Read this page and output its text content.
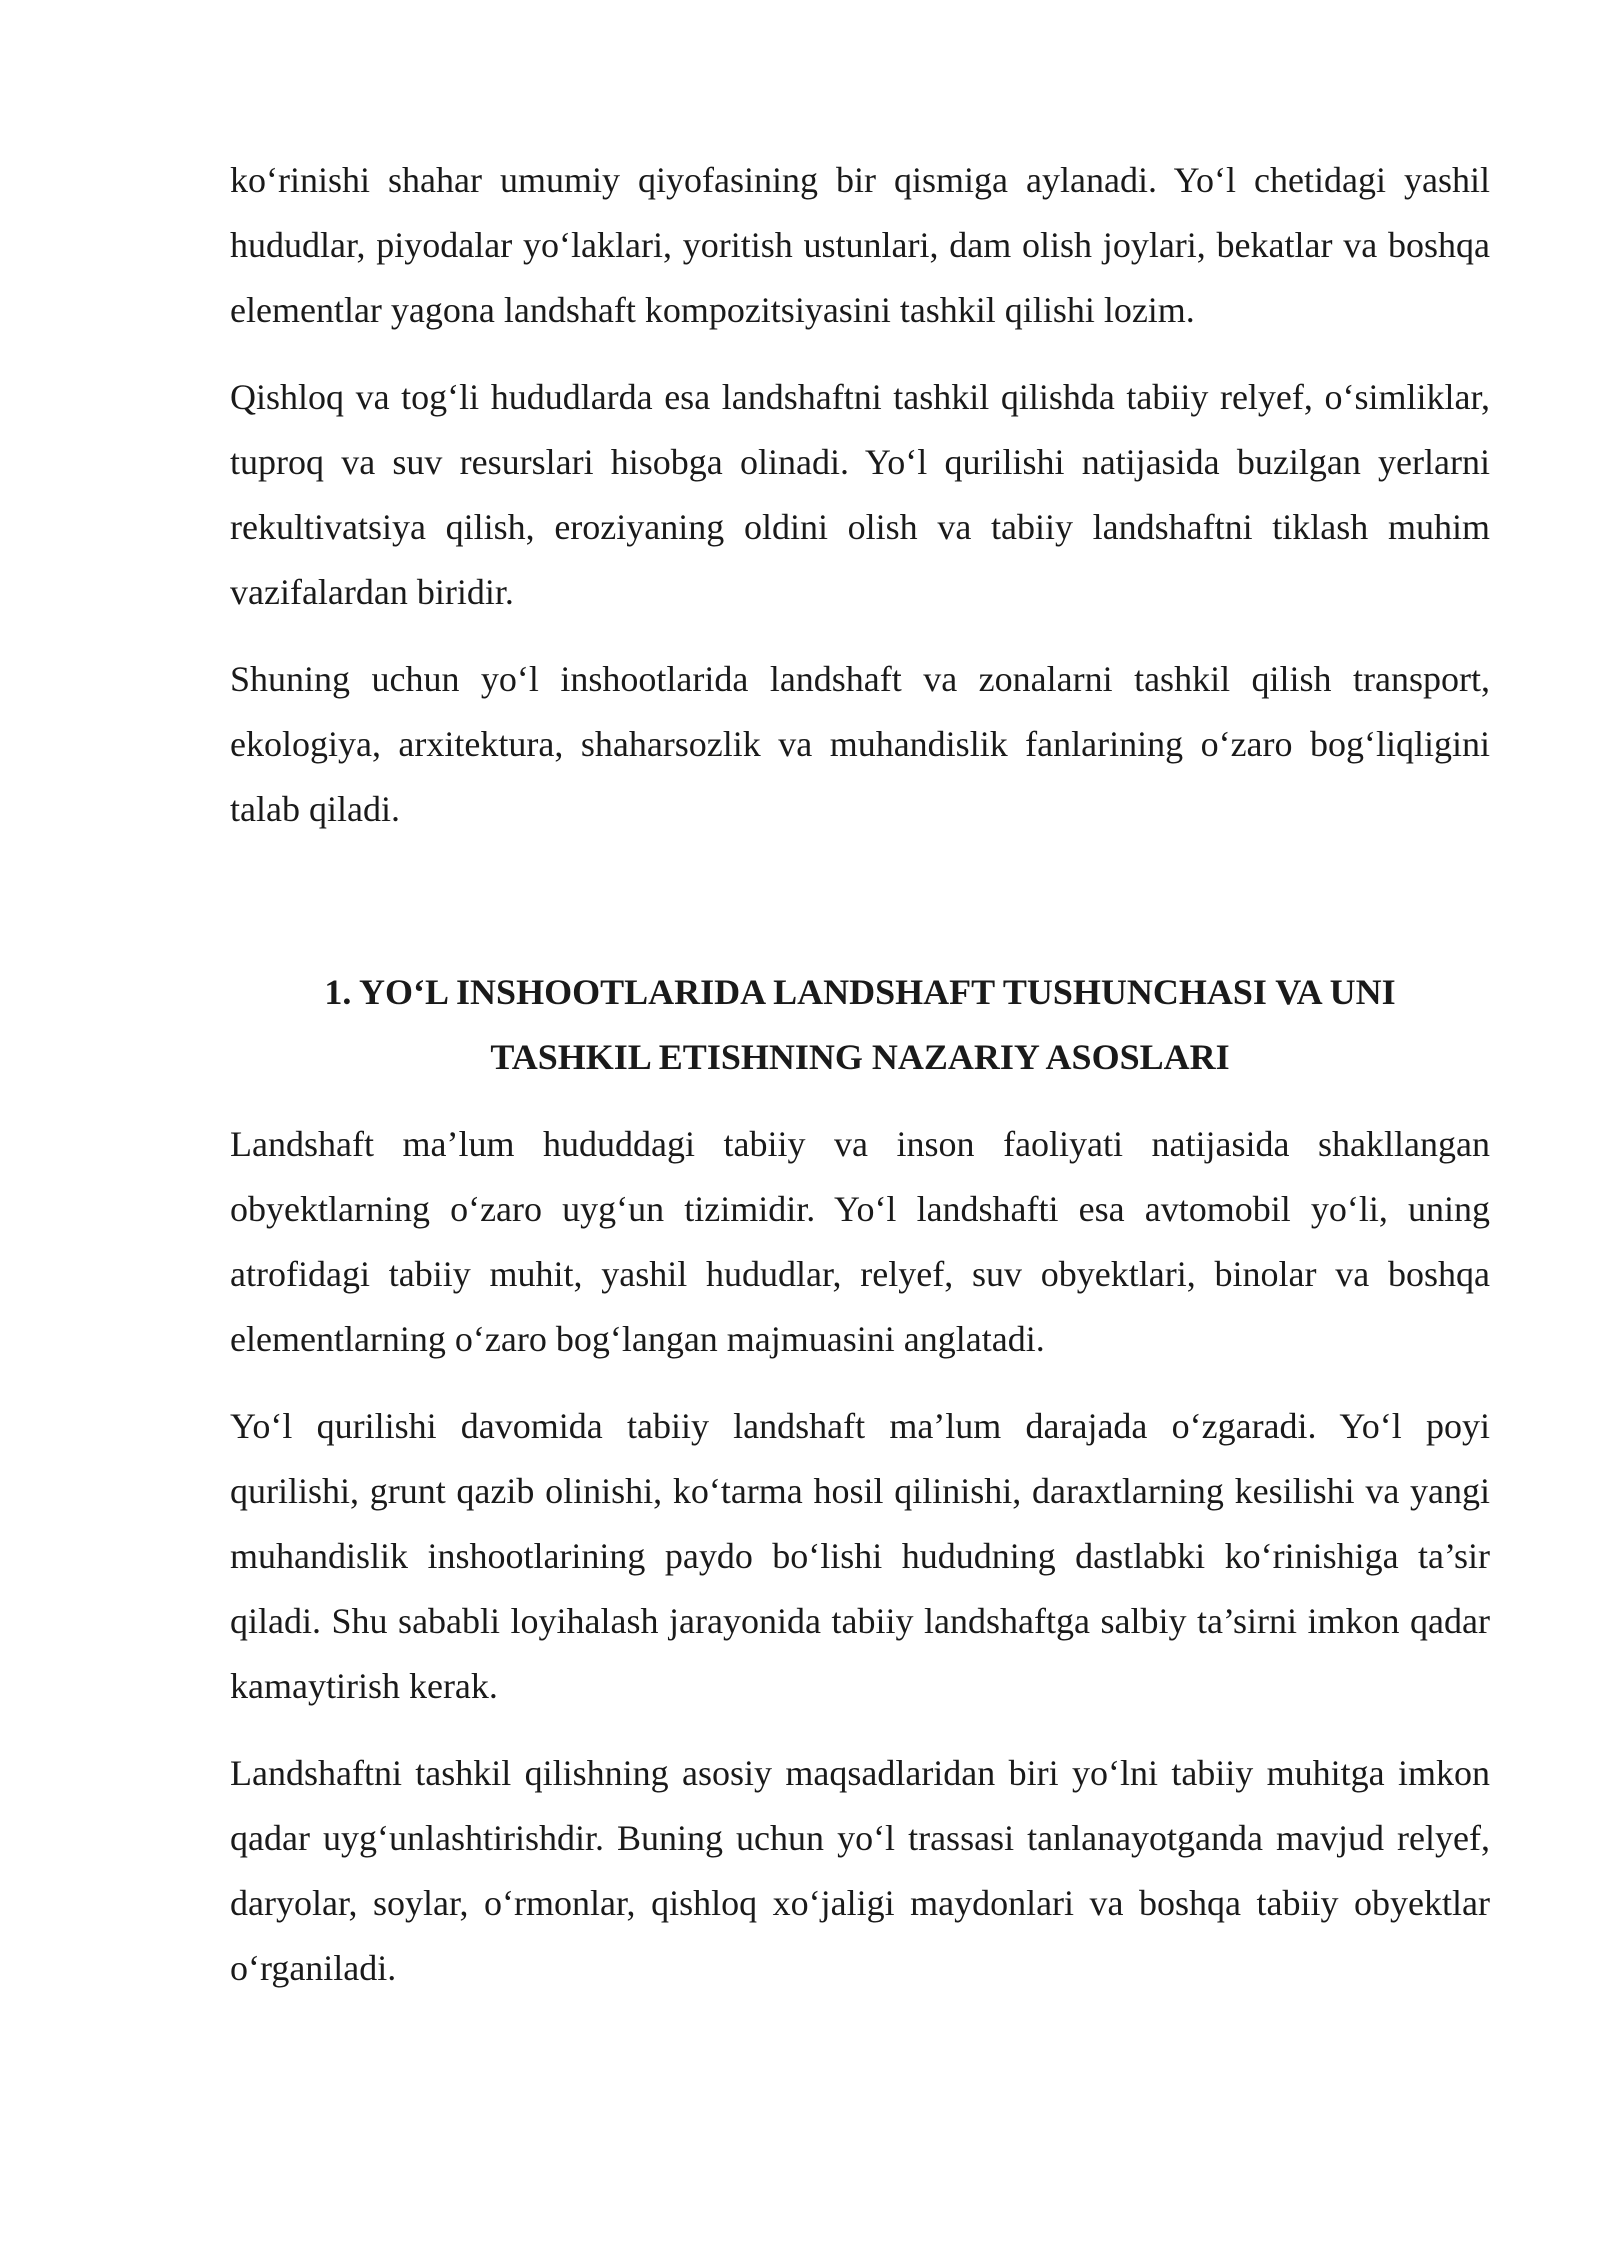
ko‘rinishi shahar umumiy qiyofasining bir qismiga aylanadi. Yo‘l chetidagi yashil hududlar, piyodalar yo‘laklari, yoritish ustunlari, dam olish joylari, bekatlar va boshqa elementlar yagona landshaft kompozitsiyasini tashkil qilishi lozim.

Qishloq va tog‘li hududlarda esa landshaftni tashkil qilishda tabiiy relyef, o‘simliklar, tuproq va suv resurslari hisobga olinadi. Yo‘l qurilishi natijasida buzilgan yerlarni rekultivatsiya qilish, eroziyaning oldini olish va tabiiy landshaftni tiklash muhim vazifalardan biridir.

Shuning uchun yo‘l inshootlarida landshaft va zonalarni tashkil qilish transport, ekologiya, arxitektura, shaharsozlik va muhandislik fanlarining o‘zaro bog‘liqligini talab qiladi.

1. YO‘L INSHOOTLARIDA LANDSHAFT TUSHUNCHASI VA UNI
TASHKIL ETISHNING NAZARIY ASOSLARI

Landshaft ma’lum hududdagi tabiiy va inson faoliyati natijasida shakllangan obyektlarning o‘zaro uyg‘un tizimidir. Yo‘l landshafti esa avtomobil yo‘li, uning atrofidagi tabiiy muhit, yashil hududlar, relyef, suv obyektlari, binolar va boshqa elementlarning o‘zaro bog‘langan majmuasini anglatadi.

Yo‘l qurilishi davomida tabiiy landshaft ma’lum darajada o‘zgaradi. Yo‘l poyi qurilishi, grunt qazib olinishi, ko‘tarma hosil qilinishi, daraxtlarning kesilishi va yangi muhandislik inshootlarining paydo bo‘lishi hududning dastlabki ko‘rinishiga ta’sir qiladi. Shu sababli loyihalash jarayonida tabiiy landshaftga salbiy ta’sirni imkon qadar kamaytirish kerak.

Landshaftni tashkil qilishning asosiy maqsadlaridan biri yo‘lni tabiiy muhitga imkon qadar uyg‘unlashtirishdir. Buning uchun yo‘l trassasi tanlanayotganda mavjud relyef, daryolar, soylar, o‘rmonlar, qishloq xo‘jaligi maydonlari va boshqa tabiiy obyektlar o‘rganiladi.
